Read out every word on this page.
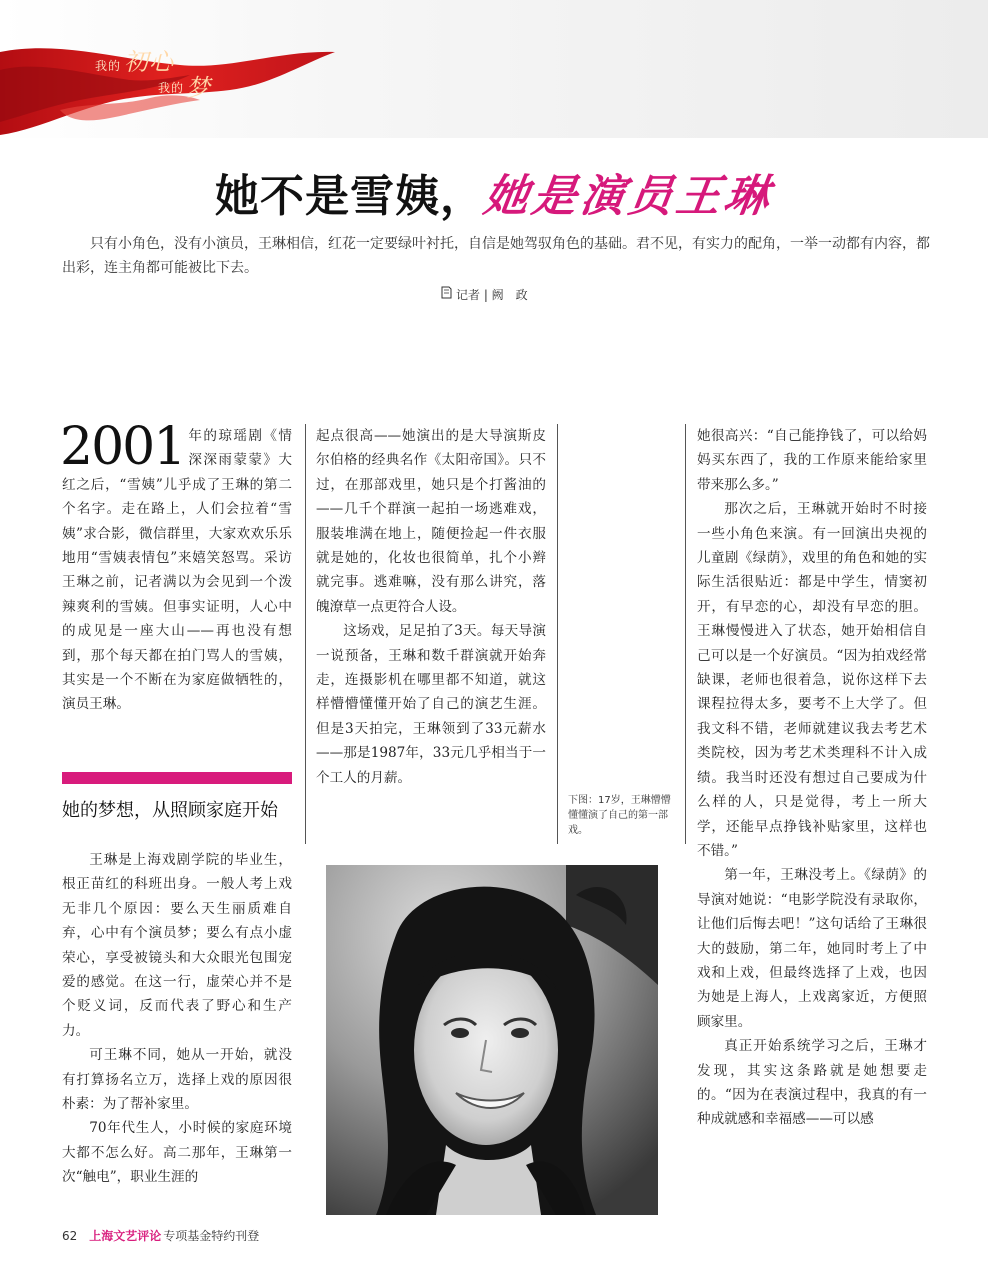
我的 初心
我的 梦
她不是雪姨，她是演员王琳
只有小角色，没有小演员，王琳相信，红花一定要绿叶衬托，自信是她驾驭角色的基础。君不见，有实力的配角，一举一动都有内容，都出彩，连主角都可能被比下去。
记者 | 阙　政

2001 年的琼瑶剧《情深深雨蒙蒙》大红之后，“雪姨”儿乎成了王琳的第二个名字。走在路上，人们会拉着“雪姨”求合影，微信群里，大家欢欢乐乐地用“雪姨表情包”来嬉笑怒骂。采访王琳之前，记者满以为会见到一个泼辣爽利的雪姨。但事实证明，人心中的成见是一座大山——再也没有想到，那个每天都在拍门骂人的雪姨，其实是一个不断在为家庭做牺牲的，演员王琳。

她的梦想，从照顾家庭开始

王琳是上海戏剧学院的毕业生，根正苗红的科班出身。一般人考上戏无非几个原因：要么天生丽质难自弃，心中有个演员梦；要么有点小虚荣心，享受被镜头和大众眼光包围宠爱的感觉。在这一行，虚荣心并不是个贬义词，反而代表了野心和生产力。

可王琳不同，她从一开始，就没有打算扬名立万，选择上戏的原因很朴素：为了帮补家里。

70年代生人，小时候的家庭环境大都不怎么好。高二那年，王琳第一次“触电”，职业生涯的

起点很高——她演出的是大导演斯皮尔伯格的经典名作《太阳帝国》。只不过，在那部戏里，她只是个打酱油的——几千个群演一起拍一场逃难戏，服装堆满在地上，随便捡起一件衣服就是她的，化妆也很简单，扎个小辫就完事。逃难嘛，没有那么讲究，落魄潦草一点更符合人设。

这场戏，足足拍了3天。每天导演一说预备，王琳和数千群演就开始奔走，连摄影机在哪里都不知道，就这样懵懵懂懂开始了自己的演艺生涯。但是3天拍完，王琳领到了33元薪水——那是1987年，33元几乎相当于一个工人的月薪。

下图：17岁，王琳懵懵懂懂演了自己的第一部戏。

她很高兴：“自己能挣钱了，可以给妈妈买东西了，我的工作原来能给家里带来那么多。”

那次之后，王琳就开始时不时接一些小角色来演。有一回演出央视的儿童剧《绿荫》，戏里的角色和她的实际生活很贴近：都是中学生，情窦初开，有早恋的心，却没有早恋的胆。王琳慢慢进入了状态，她开始相信自己可以是一个好演员。“因为拍戏经常缺课，老师也很着急，说你这样下去课程拉得太多，要考不上大学了。但我文科不错，老师就建议我去考艺术类院校，因为考艺术类理科不计入成绩。我当时还没有想过自己要成为什么样的人，只是觉得，考上一所大学，还能早点挣钱补贴家里，这样也不错。”

第一年，王琳没考上。《绿荫》的导演对她说：“电影学院没有录取你，让他们后悔去吧！”这句话给了王琳很大的鼓励，第二年，她同时考上了中戏和上戏，但最终选择了上戏，也因为她是上海人，上戏离家近，方便照顾家里。

真正开始系统学习之后，王琳才发现，其实这条路就是她想要走的。“因为在表演过程中，我真的有一种成就感和幸福感——可以感

62 上海文艺评论 专项基金特约刊登
